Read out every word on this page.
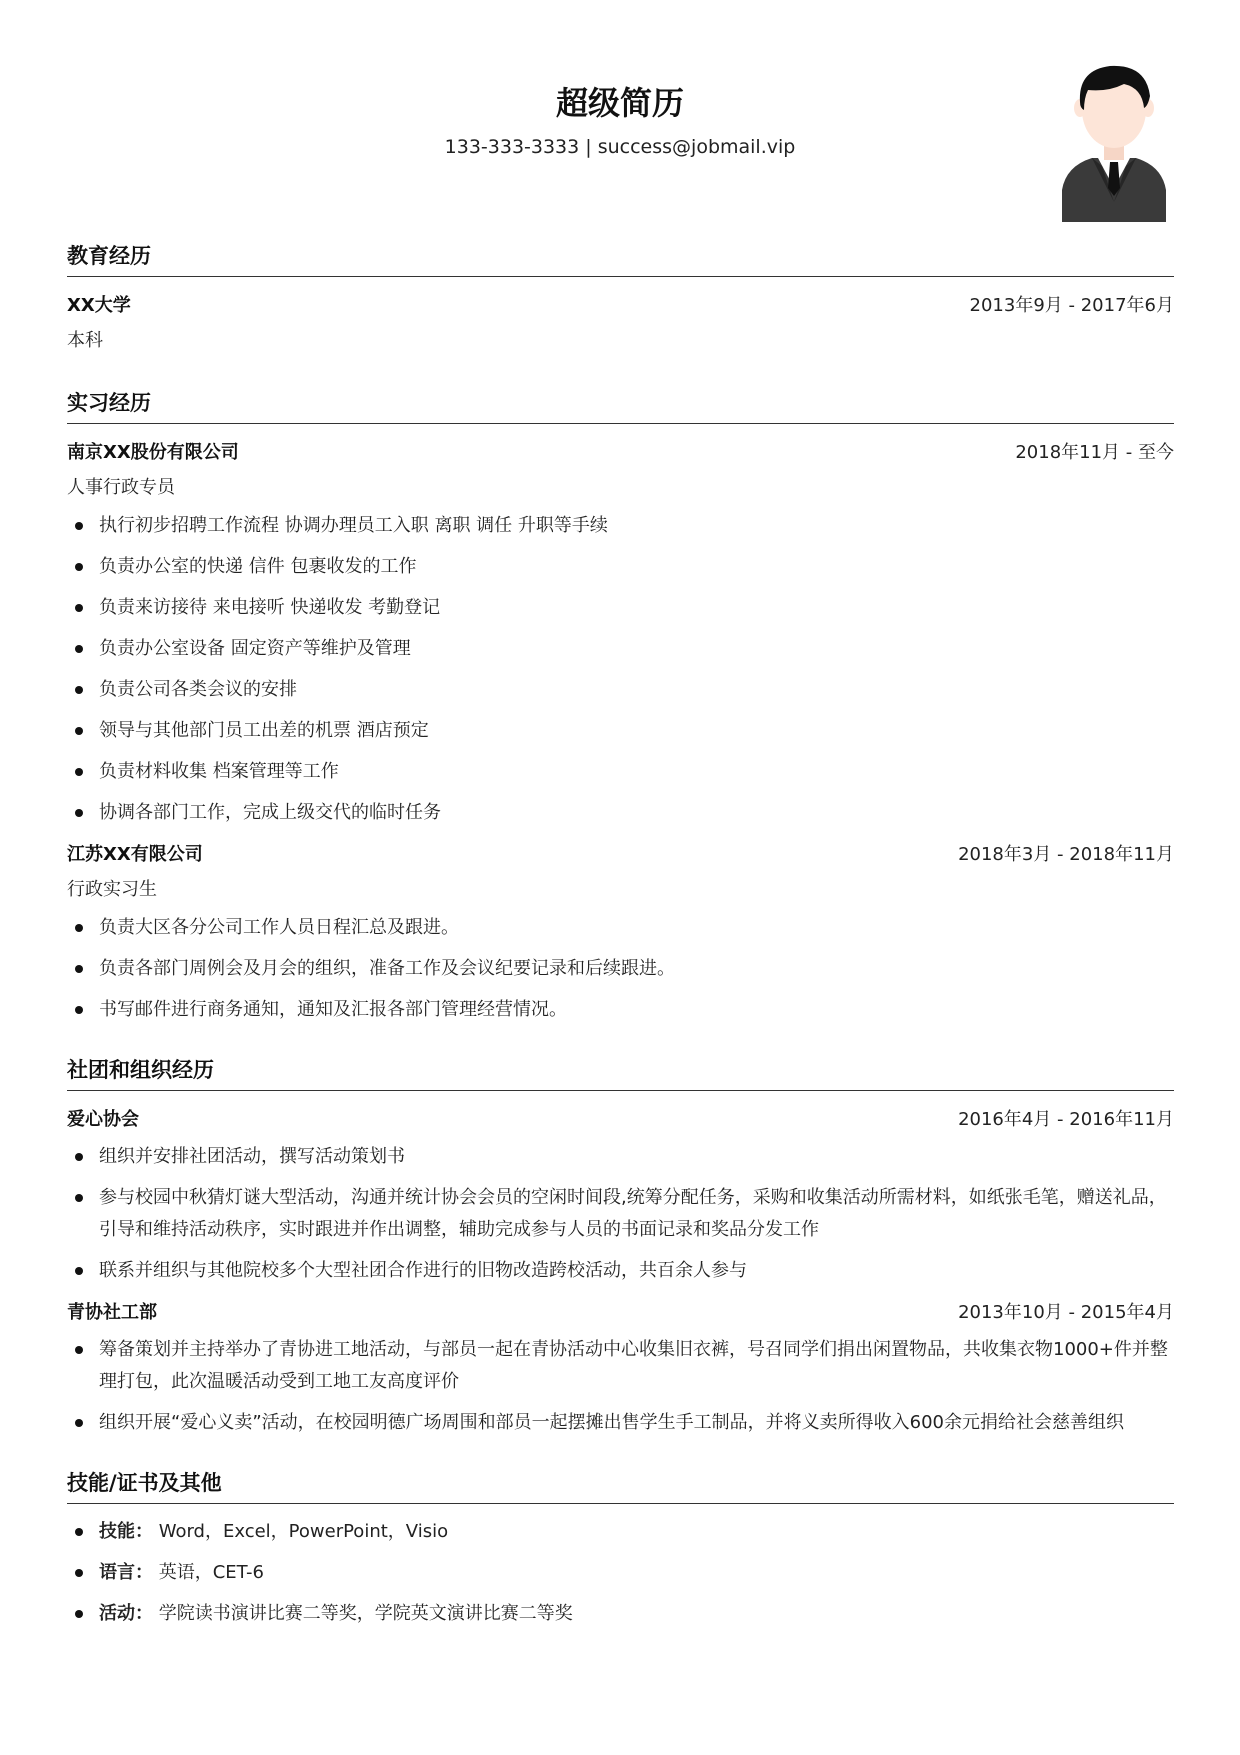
超级简历
133-333-3333 | success@jobmail.vip
教育经历
XX大学	2013年9月 - 2017年6月
本科
实习经历
南京XX股份有限公司	2018年11月 - 至今
人事行政专员
执行初步招聘工作流程 协调办理员工入职 离职 调任 升职等手续
负责办公室的快递 信件 包裹收发的工作
负责来访接待 来电接听 快递收发 考勤登记
负责办公室设备 固定资产等维护及管理
负责公司各类会议的安排
领导与其他部门员工出差的机票 酒店预定
负责材料收集 档案管理等工作
协调各部门工作，完成上级交代的临时任务
江苏XX有限公司	2018年3月 - 2018年11月
行政实习生
负责大区各分公司工作人员日程汇总及跟进。
负责各部门周例会及月会的组织，准备工作及会议纪要记录和后续跟进。
书写邮件进行商务通知，通知及汇报各部门管理经营情况。
社团和组织经历
爱心协会	2016年4月 - 2016年11月
组织并安排社团活动，撰写活动策划书
参与校园中秋猜灯谜大型活动，沟通并统计协会会员的空闲时间段,统筹分配任务，采购和收集活动所需材料，如纸张毛笔，赠送礼品，引导和维持活动秩序，实时跟进并作出调整，辅助完成参与人员的书面记录和奖品分发工作
联系并组织与其他院校多个大型社团合作进行的旧物改造跨校活动，共百余人参与
青协社工部	2013年10月 - 2015年4月
筹备策划并主持举办了青协进工地活动，与部员一起在青协活动中心收集旧衣裤，号召同学们捐出闲置物品，共收集衣物1000+件并整理打包，此次温暖活动受到工地工友高度评价
组织开展“爱心义卖”活动，在校园明德广场周围和部员一起摆摊出售学生手工制品，并将义卖所得收入600余元捐给社会慈善组织
技能/证书及其他
技能： Word，Excel，PowerPoint，Visio
语言： 英语，CET-6
活动： 学院读书演讲比赛二等奖，学院英文演讲比赛二等奖
